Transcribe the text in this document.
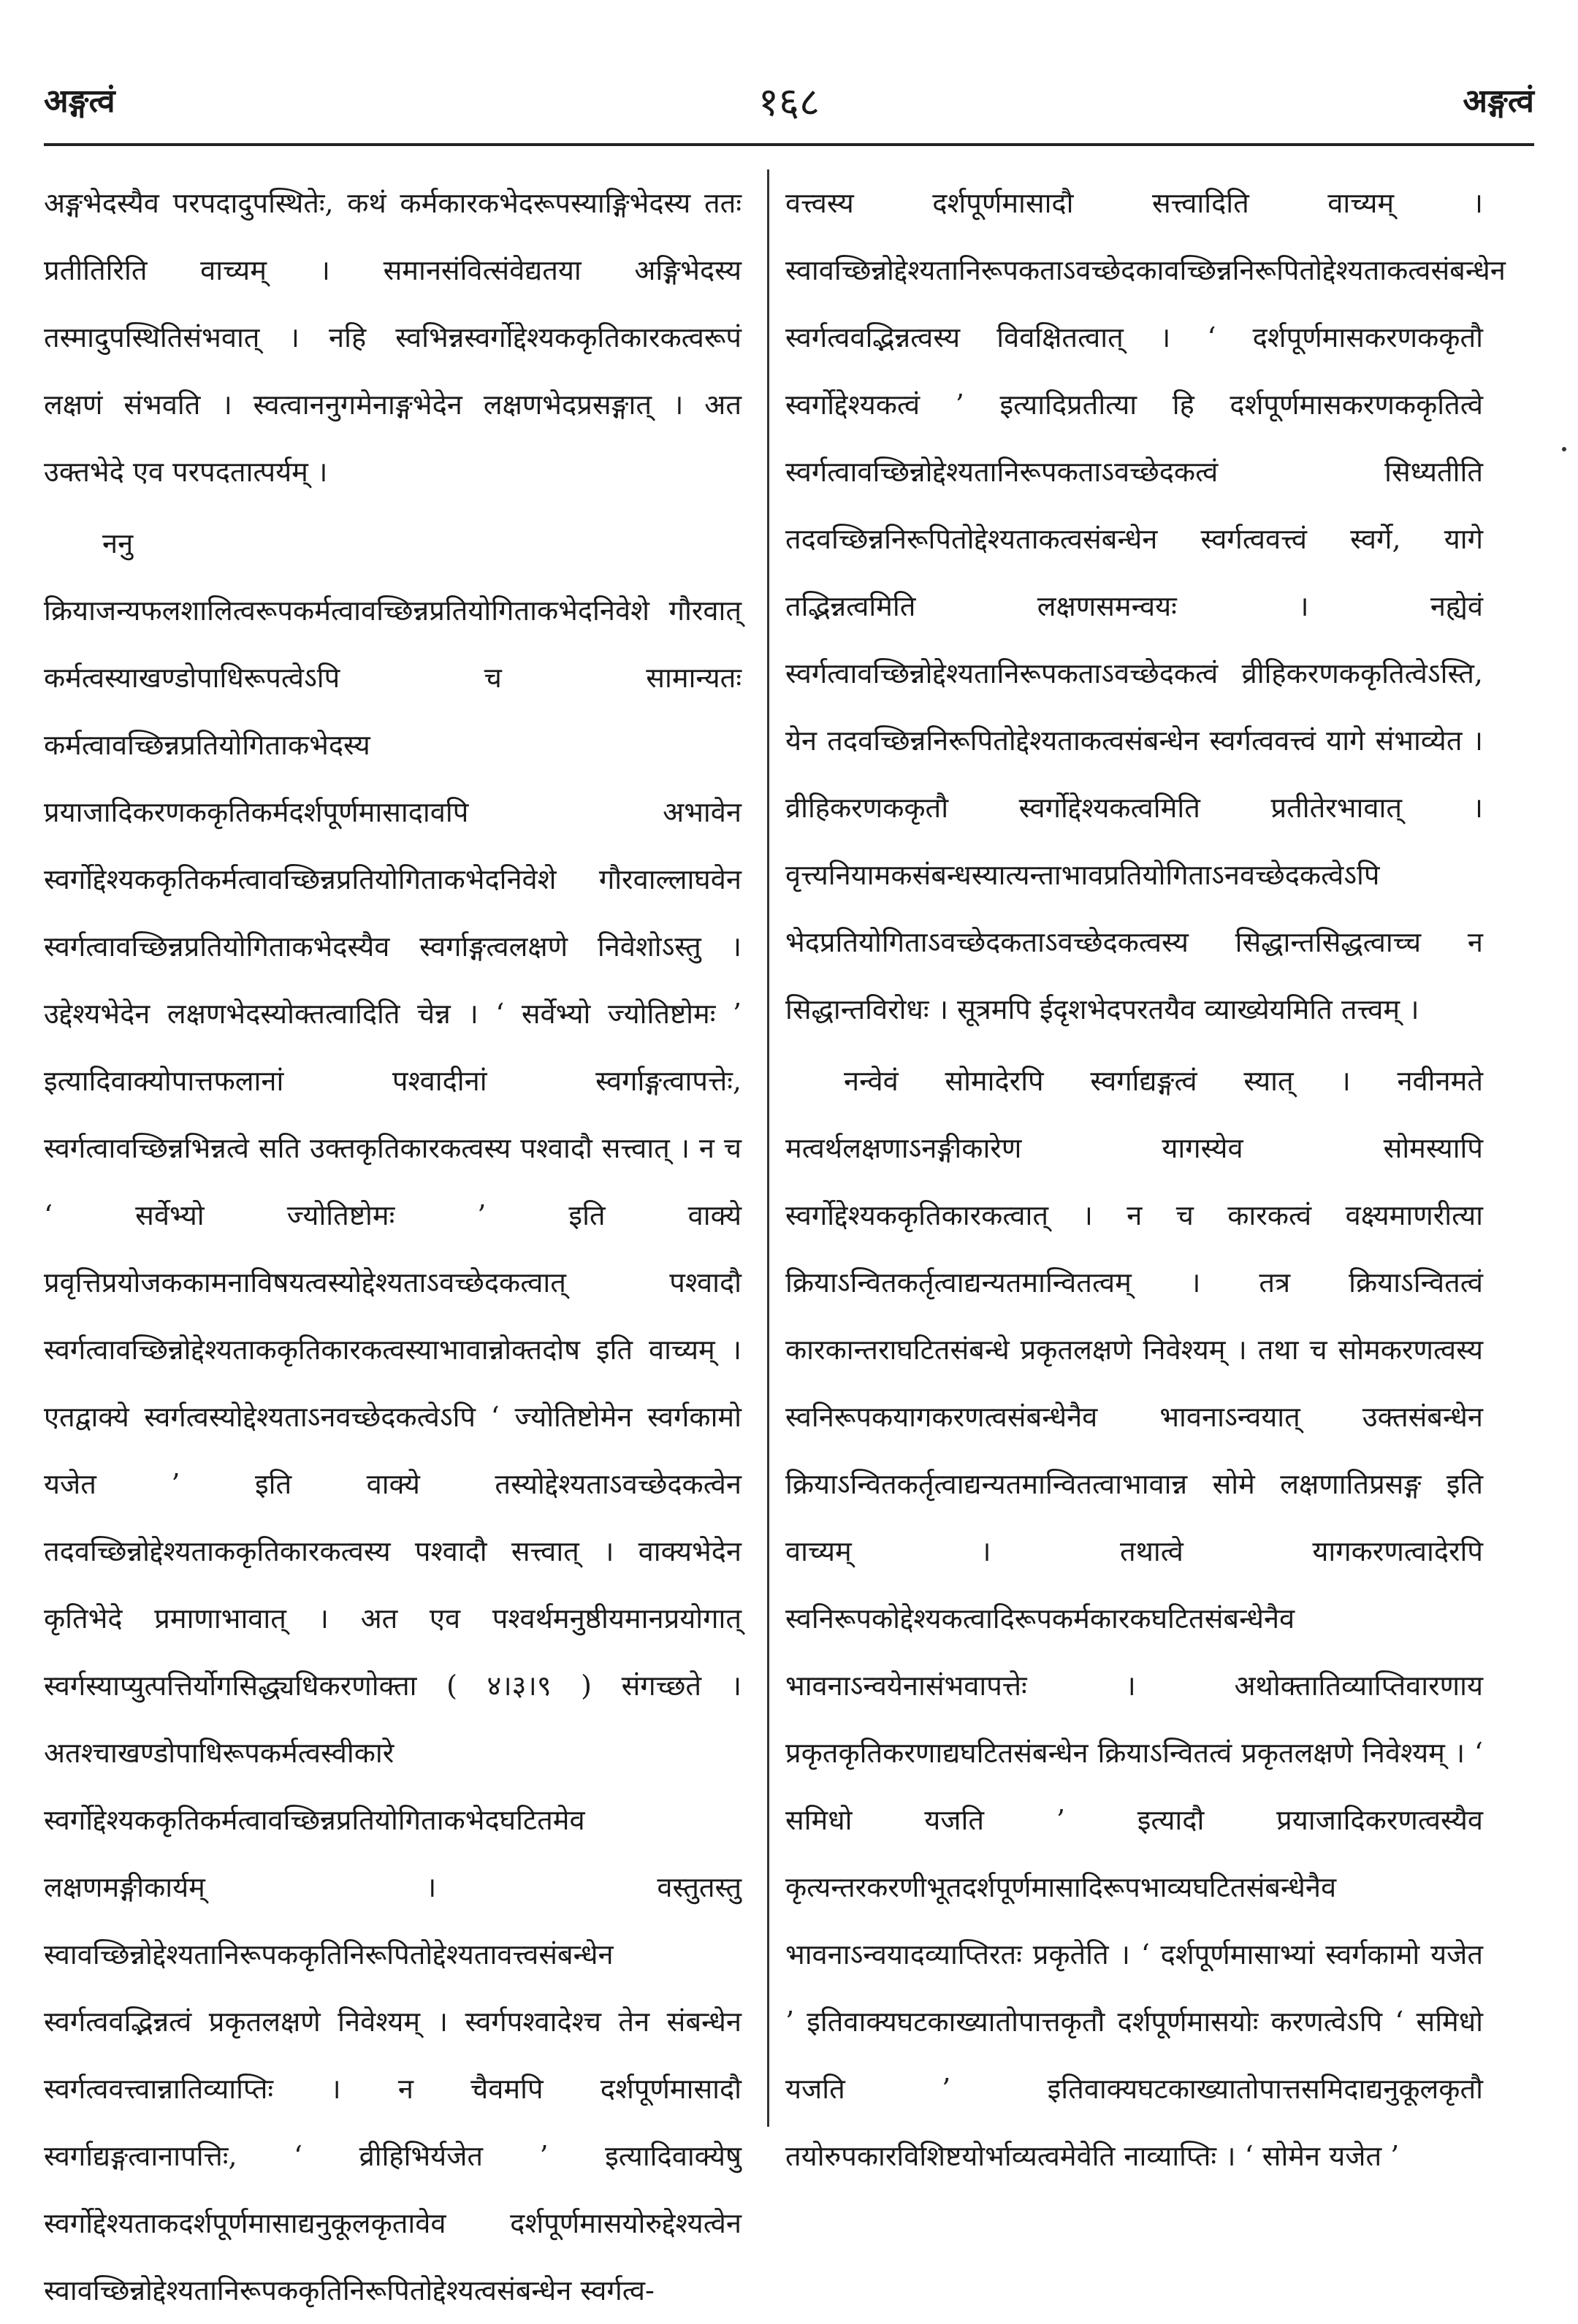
अङ्गत्वं	१६८	अङ्गत्वं

अङ्गभेदस्यैव परपदादुपस्थितेः, कथं कर्मकारकभेदरूपस्याङ्गिभेदस्य ततः प्रतीतिरिति वाच्यम् । समानसंवित्संवेद्यतया अङ्गिभेदस्य तस्मादुपस्थितिसंभवात् । नहि स्वभिन्नस्वर्गोद्देश्यककृतिकारकत्वरूपं लक्षणं संभवति । स्वत्वाननुगमेनाङ्गभेदेन लक्षणभेदप्रसङ्गात् । अत उक्तभेदे एव परपदतात्पर्यम् ।

ननु क्रियाजन्यफलशालित्वरूपकर्मत्वावच्छिन्नप्रतियोगिताकभेदनिवेशे गौरवात् कर्मत्वस्याखण्डोपाधिरूपत्वेऽपि च सामान्यतः कर्मत्वावच्छिन्नप्रतियोगिताकभेदस्य प्रयाजादिकरणककृतिकर्मदर्शपूर्णमासादावपि अभावेन स्वर्गोद्देश्यककृतिकर्मत्वावच्छिन्नप्रतियोगिताकभेदनिवेशे गौरवाल्लाघवेन स्वर्गत्वावच्छिन्नप्रतियोगिताकभेदस्यैव स्वर्गाङ्गत्वलक्षणे निवेशोऽस्तु । उद्देश्यभेदेन लक्षणभेदस्योक्तत्वादिति चेन्न । ‘ सर्वेभ्यो ज्योतिष्टोमः ’ इत्यादिवाक्योपात्तफलानां पश्वादीनां स्वर्गाङ्गत्वापत्तेः, स्वर्गत्वावच्छिन्नभिन्नत्वे सति उक्तकृतिकारकत्वस्य पश्वादौ सत्त्वात् । न च ‘ सर्वेभ्यो ज्योतिष्टोमः ’ इति वाक्ये प्रवृत्तिप्रयोजककामनाविषयत्वस्योद्देश्यताऽवच्छेदकत्वात् पश्वादौ स्वर्गत्वावच्छिन्नोद्देश्यताककृतिकारकत्वस्याभावान्नोक्तदोष इति वाच्यम् । एतद्वाक्ये स्वर्गत्वस्योद्देश्यताऽनवच्छेदकत्वेऽपि ‘ ज्योतिष्टोमेन स्वर्गकामो यजेत ’ इति वाक्ये तस्योद्देश्यताऽवच्छेदकत्वेन तदवच्छिन्नोद्देश्यताककृतिकारकत्वस्य पश्वादौ सत्त्वात् । वाक्यभेदेन कृतिभेदे प्रमाणाभावात् । अत एव पश्वर्थमनुष्ठीयमानप्रयोगात् स्वर्गस्याप्युत्पत्तिर्योगसिद्ध्यधिकरणोक्ता ( ४।३।९ ) संगच्छते । अतश्चाखण्डोपाधिरूपकर्मत्वस्वीकारे स्वर्गोद्देश्यककृतिकर्मत्वावच्छिन्नप्रतियोगिताकभेदघटितमेव लक्षणमङ्गीकार्यम् । वस्तुतस्तु स्वावच्छिन्नोद्देश्यतानिरूपककृतिनिरूपितोद्देश्यतावत्त्वसंबन्धेन स्वर्गत्ववद्भिन्नत्वं प्रकृतलक्षणे निवेश्यम् । स्वर्गपश्वादेश्च तेन संबन्धेन स्वर्गत्ववत्त्वान्नातिव्याप्तिः । न चैवमपि दर्शपूर्णमासादौ स्वर्गाद्यङ्गत्वानापत्तिः, ‘ व्रीहिभिर्यजेत ’ इत्यादिवाक्येषु स्वर्गोद्देश्यताकदर्शपूर्णमासाद्यनुकूलकृतावेव दर्शपूर्णमासयोरुद्देश्यत्वेन स्वावच्छिन्नोद्देश्यतानिरूपककृतिनिरूपितोद्देश्यत्वसंबन्धेन स्वर्गत्व-

वत्त्वस्य दर्शपूर्णमासादौ सत्त्वादिति वाच्यम् । स्वावच्छिन्नोद्देश्यतानिरूपकताऽवच्छेदकावच्छिन्ननिरूपितोद्देश्यताकत्वसंबन्धेन स्वर्गत्ववद्भिन्नत्वस्य विवक्षितत्वात् । ‘ दर्शपूर्णमासकरणककृतौ स्वर्गोद्देश्यकत्वं ’ इत्यादिप्रतीत्या हि दर्शपूर्णमासकरणककृतित्वे स्वर्गत्वावच्छिन्नोद्देश्यतानिरूपकताऽवच्छेदकत्वं सिध्यतीति तदवच्छिन्ननिरूपितोद्देश्यताकत्वसंबन्धेन स्वर्गत्ववत्त्वं स्वर्गे, यागे तद्भिन्नत्वमिति लक्षणसमन्वयः । नह्येवं स्वर्गत्वावच्छिन्नोद्देश्यतानिरूपकताऽवच्छेदकत्वं व्रीहिकरणककृतित्वेऽस्ति, येन तदवच्छिन्ननिरूपितोद्देश्यताकत्वसंबन्धेन स्वर्गत्ववत्त्वं यागे संभाव्येत । व्रीहिकरणककृतौ स्वर्गोद्देश्यकत्वमिति प्रतीतेरभावात् । वृत्त्यनियामकसंबन्धस्यात्यन्ताभावप्रतियोगिताऽनवच्छेदकत्वेऽपि भेदप्रतियोगिताऽवच्छेदकताऽवच्छेदकत्वस्य सिद्धान्तसिद्धत्वाच्च न सिद्धान्तविरोधः । सूत्रमपि ईदृशभेदपरतयैव व्याख्येयमिति तत्त्वम् ।

नन्वेवं सोमादेरपि स्वर्गाद्यङ्गत्वं स्यात् । नवीनमते मत्वर्थलक्षणाऽनङ्गीकारेण यागस्येव सोमस्यापि स्वर्गोद्देश्यककृतिकारकत्वात् । न च कारकत्वं वक्ष्यमाणरीत्या क्रियाऽन्वितकर्तृत्वाद्यन्यतमान्वितत्वम् । तत्र क्रियाऽन्वितत्वं कारकान्तराघटितसंबन्धे प्रकृतलक्षणे निवेश्यम् । तथा च सोमकरणत्वस्य स्वनिरूपकयागकरणत्वसंबन्धेनैव भावनाऽन्वयात् उक्तसंबन्धेन क्रियाऽन्वितकर्तृत्वाद्यन्यतमान्वितत्वाभावान्न सोमे लक्षणातिप्रसङ्ग इति वाच्यम् । तथात्वे यागकरणत्वादेरपि स्वनिरूपकोद्देश्यकत्वादिरूपकर्मकारकघटितसंबन्धेनैव भावनाऽन्वयेनासंभवापत्तेः । अथोक्तातिव्याप्तिवारणाय प्रकृतकृतिकरणाद्यघटितसंबन्धेन क्रियाऽन्वितत्वं प्रकृतलक्षणे निवेश्यम् । ‘ समिधो यजति ’ इत्यादौ प्रयाजादिकरणत्वस्यैव कृत्यन्तरकरणीभूतदर्शपूर्णमासादिरूपभाव्यघटितसंबन्धेनैव भावनाऽन्वयादव्याप्तिरतः प्रकृतेति । ‘ दर्शपूर्णमासाभ्यां स्वर्गकामो यजेत ’ इतिवाक्यघटकाख्यातोपात्तकृतौ दर्शपूर्णमासयोः करणत्वेऽपि ‘ समिधो यजति ’ इतिवाक्यघटकाख्यातोपात्तसमिदाद्यनुकूलकृतौ तयोरुपकारविशिष्टयोर्भाव्यत्वमेवेति नाव्याप्तिः । ‘ सोमेन यजेत ’
